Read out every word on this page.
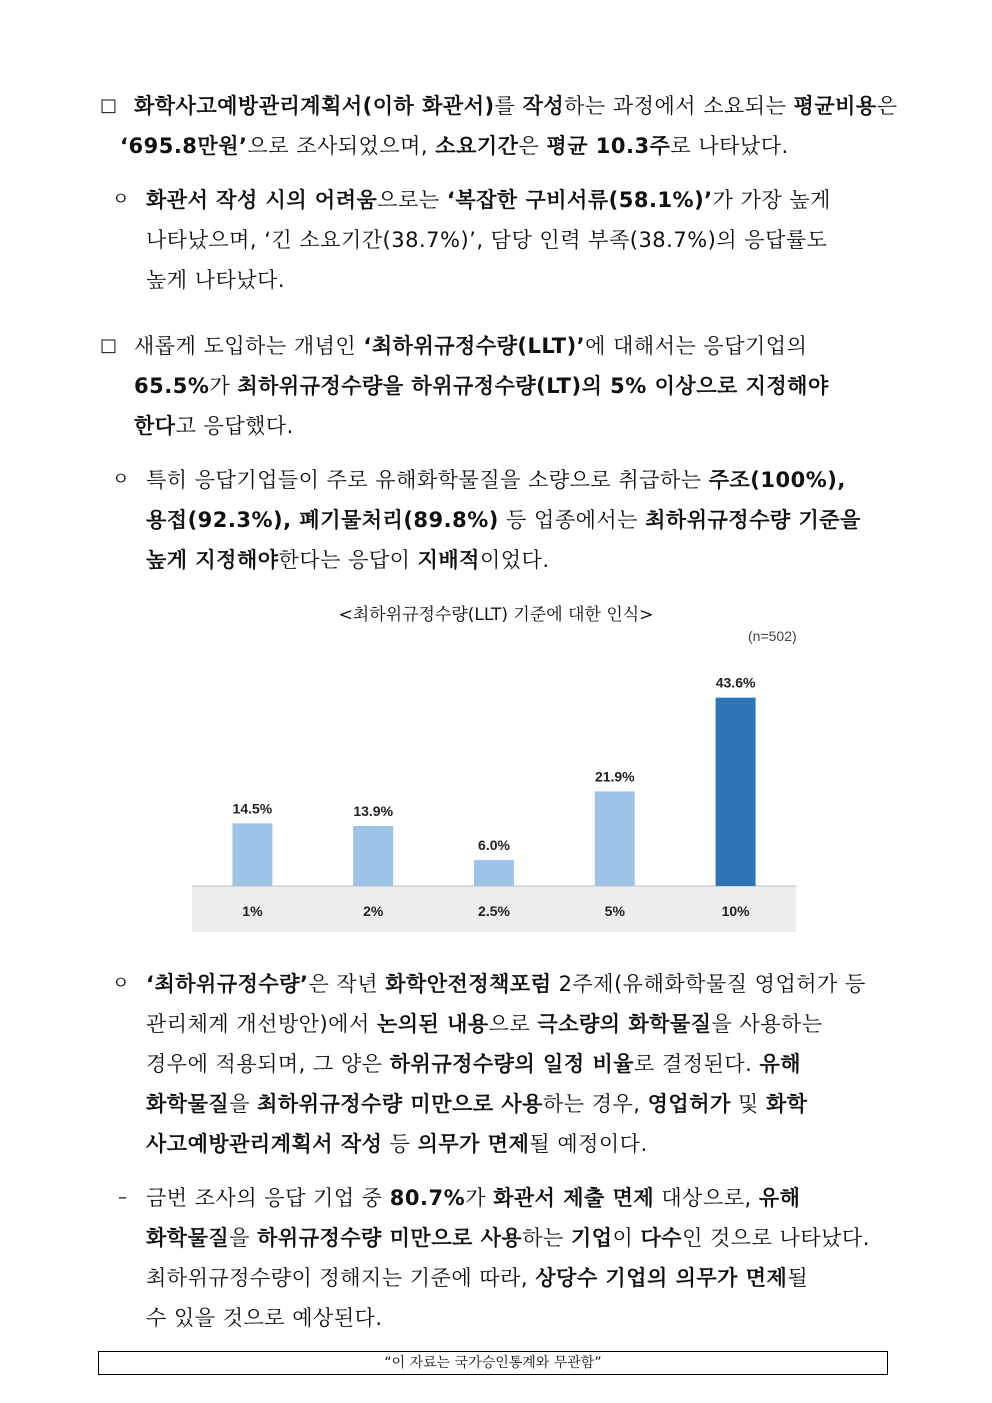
□ 화학사고예방관리계획서(이하 화관서)를 작성하는 과정에서 소요되는 평균비용은
‘695.8만원’으로 조사되었으며, 소요기간은 평균 10.3주로 나타났다.
ㅇ 화관서 작성 시의 어려움으로는 ‘복잡한 구비서류(58.1%)’가 가장 높게
나타났으며, ‘긴 소요기간(38.7%)’, 담당 인력 부족(38.7%)의 응답률도
높게 나타났다.
□ 새롭게 도입하는 개념인 ‘최하위규정수량(LLT)’에 대해서는 응답기업의
65.5%가 최하위규정수량을 하위규정수량(LT)의 5% 이상으로 지정해야
한다고 응답했다.
ㅇ 특히 응답기업들이 주로 유해화학물질을 소량으로 취급하는 주조(100%),
용접(92.3%), 폐기물처리(89.8%) 등 업종에서는 최하위규정수량 기준을
높게 지정해야한다는 응답이 지배적이었다.
<최하위규정수량(LLT) 기준에 대한 인식>
(n=502)
14.5%
1%
13.9%
2%
6.0%
2.5%
21.9%
5%
43.6%
10%
ㅇ ‘최하위규정수량’은 작년 화학안전정책포럼 2주제(유해화학물질 영업허가 등
관리체계 개선방안)에서 논의된 내용으로 극소량의 화학물질을 사용하는
경우에 적용되며, 그 양은 하위규정수량의 일정 비율로 결정된다. 유해
화학물질을 최하위규정수량 미만으로 사용하는 경우, 영업허가 및 화학
사고예방관리계획서 작성 등 의무가 면제될 예정이다.
– 금번 조사의 응답 기업 중 80.7%가 화관서 제출 면제 대상으로, 유해
화학물질을 하위규정수량 미만으로 사용하는 기업이 다수인 것으로 나타났다.
최하위규정수량이 정해지는 기준에 따라, 상당수 기업의 의무가 면제될
수 있을 것으로 예상된다.
“이 자료는 국가승인통계와 무관함”
